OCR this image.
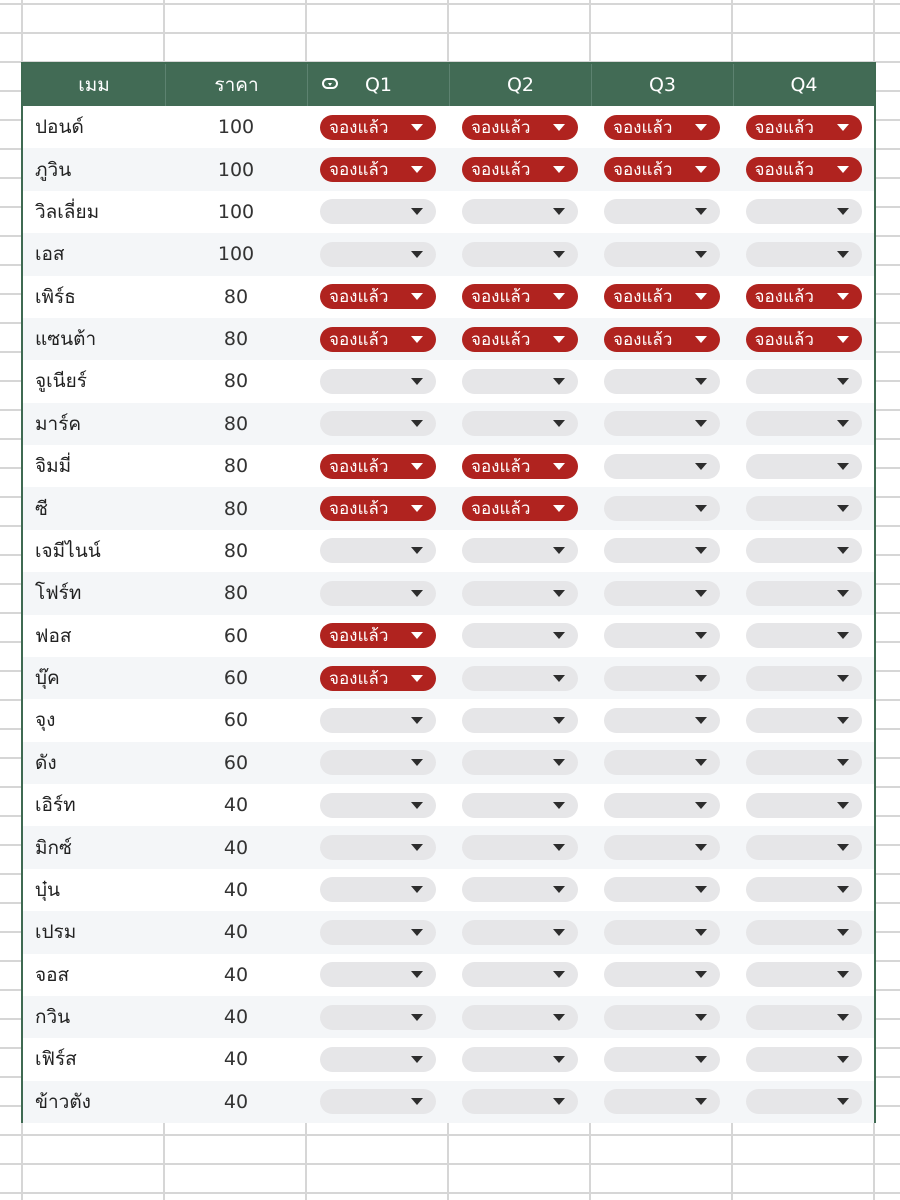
เมม	ราคา	Q1	Q2	Q3	Q4
ปอนด์	100	จองแล้ว	จองแล้ว	จองแล้ว	จองแล้ว
ภูวิน	100	จองแล้ว	จองแล้ว	จองแล้ว	จองแล้ว
วิลเลี่ยม	100
เอส	100
เพิร์ธ	80	จองแล้ว	จองแล้ว	จองแล้ว	จองแล้ว
แซนต้า	80	จองแล้ว	จองแล้ว	จองแล้ว	จองแล้ว
จูเนียร์	80
มาร์ค	80
จิมมี่	80	จองแล้ว	จองแล้ว
ซี	80	จองแล้ว	จองแล้ว
เจมีไนน์	80
โฟร์ท	80
ฟอส	60	จองแล้ว
บุ๊ค	60	จองแล้ว
จุง	60
ดัง	60
เอิร์ท	40
มิกซ์	40
บุ๋น	40
เปรม	40
จอส	40
กวิน	40
เฟิร์ส	40
ข้าวตัง	40
